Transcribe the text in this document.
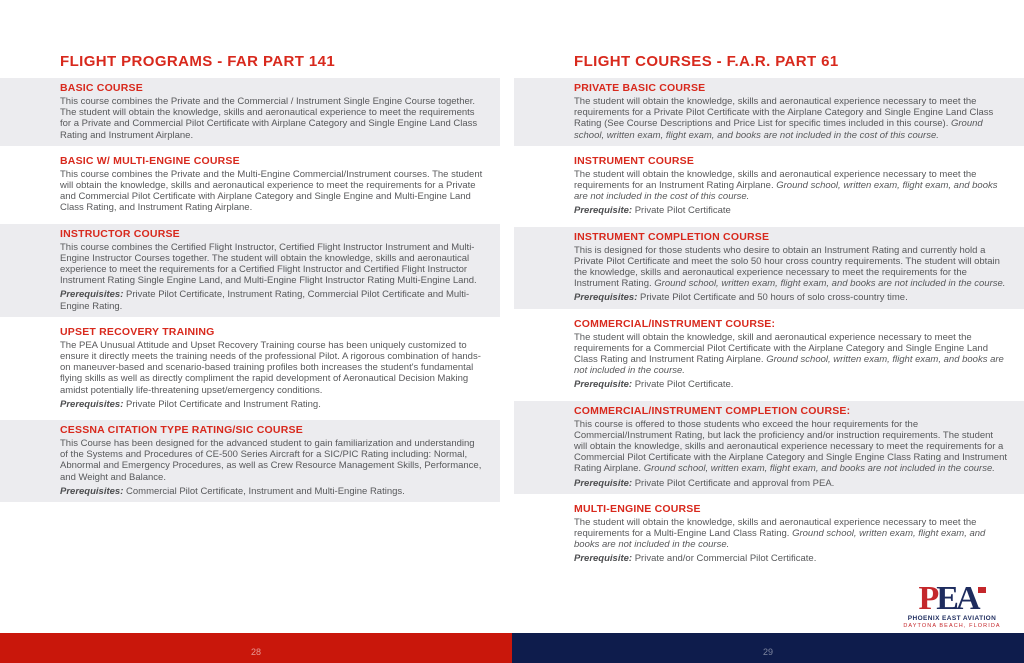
FLIGHT PROGRAMS - FAR PART 141
BASIC COURSE

This course combines the Private and the Commercial / Instrument Single Engine Course together. The student will obtain the knowledge, skills and aeronautical experience to meet the requirements for a Private and Commercial Pilot Certificate with Airplane Category and Single Engine Land Class Rating and Instrument Airplane.

BASIC W/ MULTI-ENGINE COURSE

This course combines the Private and the Multi-Engine Commercial/Instrument courses. The student will obtain the knowledge, skills and aeronautical experience to meet the requirements for a Private and Commercial Pilot Certificate with Airplane Category and Single Engine and Multi-Engine Land Class Rating, and Instrument Rating Airplane.

INSTRUCTOR COURSE

This course combines the Certified Flight Instructor, Certified Flight Instructor Instrument and Multi-Engine Instructor Courses together. The student will obtain the knowledge, skills and aeronautical experience to meet the requirements for a Certified Flight Instructor and Certified Flight Instructor Instrument Rating Single Engine Land, and Multi-Engine Flight Instructor Rating Multi-Engine Land.

Prerequisites: Private Pilot Certificate, Instrument Rating, Commercial Pilot Certificate and Multi-Engine Rating.

UPSET RECOVERY TRAINING

The PEA Unusual Attitude and Upset Recovery Training course has been uniquely customized to ensure it directly meets the training needs of the professional Pilot. A rigorous combination of hands-on maneuver-based and scenario-based training profiles both increases the student's fundamental flying skills as well as directly compliment the rapid development of Aeronautical Decision Making amidst potentially life-threatening upset/emergency conditions.

Prerequisites: Private Pilot Certificate and Instrument Rating.

CESSNA CITATION TYPE RATING/SIC COURSE

This Course has been designed for the advanced student to gain familiarization and understanding of the Systems and Procedures of CE-500 Series Aircraft for a SIC/PIC Rating including: Normal, Abnormal and Emergency Procedures, as well as Crew Resource Management Skills, Performance, and Weight and Balance.

Prerequisites: Commercial Pilot Certificate, Instrument and Multi-Engine Ratings.

FLIGHT COURSES - F.A.R. PART 61
PRIVATE BASIC COURSE

The student will obtain the knowledge, skills and aeronautical experience necessary to meet the requirements for a Private Pilot Certificate with the Airplane Category and Single Engine Land Class Rating (See Course Descriptions and Price List for specific times included in this course). Ground school, written exam, flight exam, and books are not included in the cost of this course.

INSTRUMENT COURSE

The student will obtain the knowledge, skills and aeronautical experience necessary to meet the requirements for an Instrument Rating Airplane. Ground school, written exam, flight exam, and books are not included in the cost of this course.

Prerequisite: Private Pilot Certificate

INSTRUMENT COMPLETION COURSE

This is designed for those students who desire to obtain an Instrument Rating and currently hold a Private Pilot Certificate and meet the solo 50 hour cross country requirements. The student will obtain the knowledge, skills and aeronautical experience necessary to meet the requirements for the Instrument Rating. Ground school, written exam, flight exam, and books are not included in the course.

Prerequisites: Private Pilot Certificate and 50 hours of solo cross-country time.

COMMERCIAL/INSTRUMENT COURSE:

The student will obtain the knowledge, skill and aeronautical experience necessary to meet the requirements for a Commercial Pilot Certificate with the Airplane Category and Single Engine Land Class Rating and Instrument Rating Airplane. Ground school, written exam, flight exam, and books are not included in the course.

Prerequisite: Private Pilot Certificate.

COMMERCIAL/INSTRUMENT COMPLETION COURSE:

This course is offered to those students who exceed the hour requirements for the Commercial/Instrument Rating, but lack the proficiency and/or instruction requirements. The student will obtain the knowledge, skills and aeronautical experience necessary to meet the requirements for a Commercial Pilot Certificate with the Airplane Category and Single Engine Class Rating and Instrument Rating Airplane. Ground school, written exam, flight exam, and books are not included in the course.

Prerequisite: Private Pilot Certificate and approval from PEA.

MULTI-ENGINE COURSE

The student will obtain the knowledge, skills and aeronautical experience necessary to meet the requirements for a Multi-Engine Land Class Rating. Ground school, written exam, flight exam, and books are not included in the course.

Prerequisite: Private and/or Commercial Pilot Certificate.

PEA
PHOENIX EAST AVIATION
DAYTONA BEACH, FLORIDA
28	29
